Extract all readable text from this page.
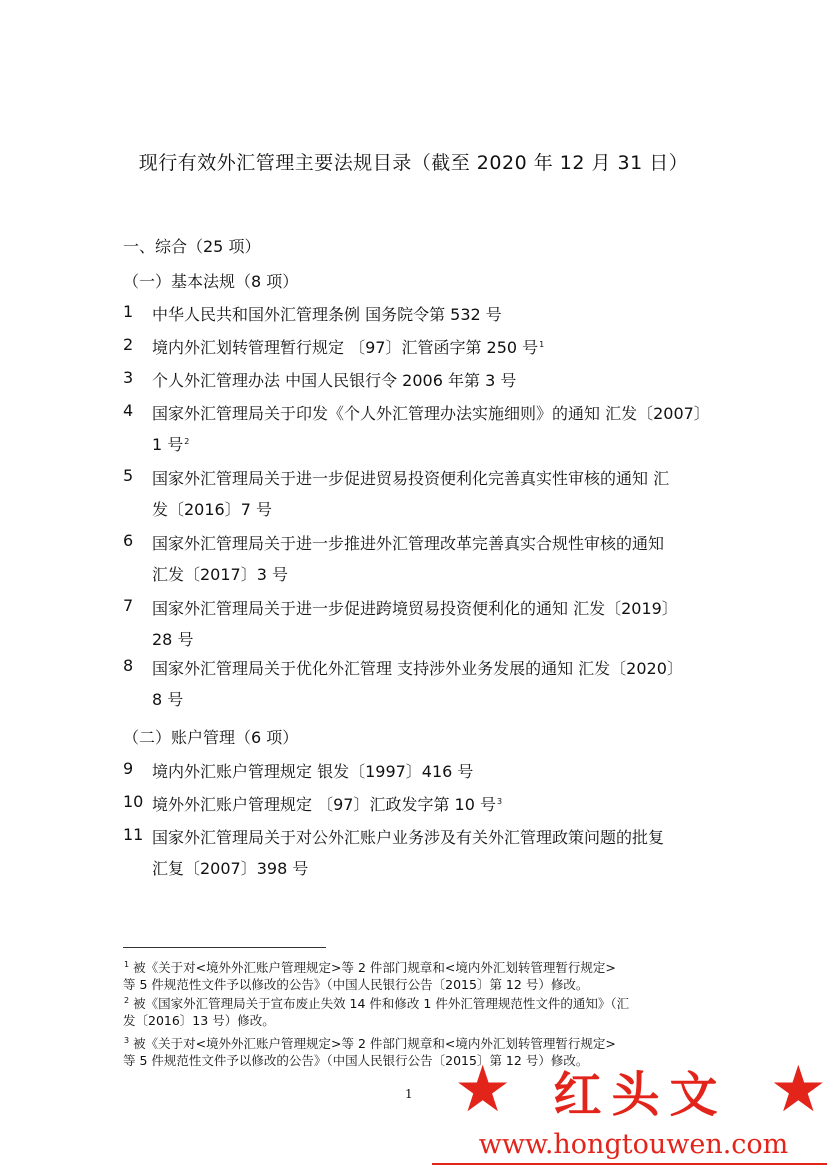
现行有效外汇管理主要法规目录（截至 2020 年 12 月 31 日）
一、综合（25 项）
（一）基本法规（8 项）
1 中华人民共和国外汇管理条例 国务院令第 532 号
2 境内外汇划转管理暂行规定 〔97〕汇管函字第 250 号$^1$
3 个人外汇管理办法 中国人民银行令 2006 年第 3 号
4 国家外汇管理局关于印发《个人外汇管理办法实施细则》的通知 汇发〔2007〕
1 号$^2$
5 国家外汇管理局关于进一步促进贸易投资便利化完善真实性审核的通知 汇
发〔2016〕7 号
6 国家外汇管理局关于进一步推进外汇管理改革完善真实合规性审核的通知
汇发〔2017〕3 号
7 国家外汇管理局关于进一步促进跨境贸易投资便利化的通知 汇发〔2019〕
28 号
8 国家外汇管理局关于优化外汇管理 支持涉外业务发展的通知 汇发〔2020〕
8 号
（二）账户管理（6 项）
9 境内外汇账户管理规定 银发〔1997〕416 号
10 境外外汇账户管理规定 〔97〕汇政发字第 10 号$^3$
11 国家外汇管理局关于对公外汇账户业务涉及有关外汇管理政策问题的批复
汇复〔2007〕398 号
$^1$ 被《关于对<境外外汇账户管理规定>等 2 件部门规章和<境内外汇划转管理暂行规定>
等 5 件规范性文件予以修改的公告》（中国人民银行公告〔2015〕第 12 号）修改。
$^2$ 被《国家外汇管理局关于宣布废止失效 14 件和修改 1 件外汇管理规范性文件的通知》（汇
发〔2016〕13 号）修改。
$^3$ 被《关于对<境外外汇账户管理规定>等 2 件部门规章和<境内外汇划转管理暂行规定>
等 5 件规范性文件予以修改的公告》（中国人民银行公告〔2015〕第 12 号）修改。
1 ★ 红头文 ★
www.hongtouwen.com
